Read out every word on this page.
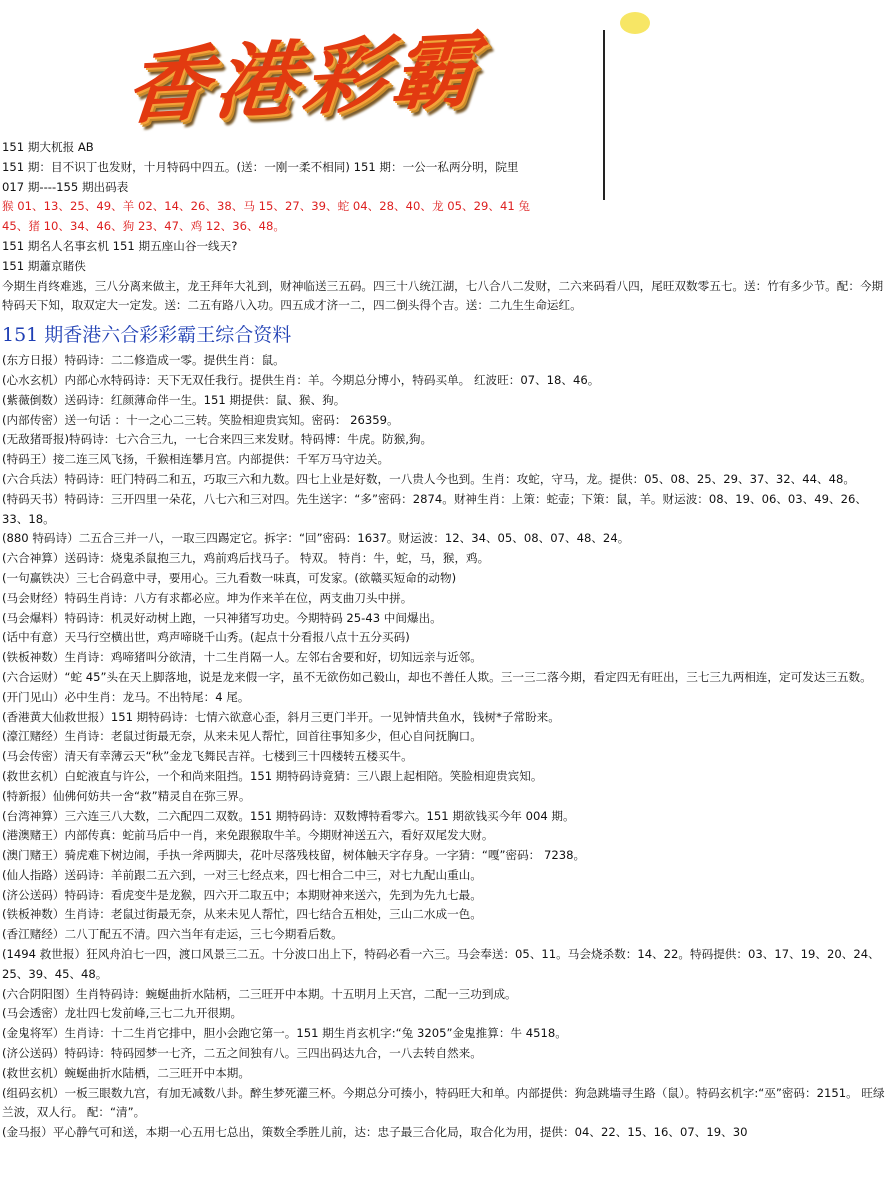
香港彩霸
151 期大杌报 AB
151 期：目不识丁也发财，十月特码中四五。(送：一刚一柔不相同) 151 期：一公一私两分明，院里
017 期----155 期出码表
猴 01、13、25、49、羊 02、14、26、38、马 15、27、39、蛇 04、28、40、龙 05、29、41 兔
45、猪 10、34、46、狗 23、47、鸡 12、36、48。
151 期名人名事玄机 151 期五座山谷一线天?
151 期蕭京賭佚
今期生肖终难逃，三八分离来做主，龙王拜年大礼到，财神临送三五码。四三十八统江湖，七八合八二发财，二六来码看八四，尾旺双数零五七。送：竹有多少节。配：今期特码天下知，取双定大一定发。送：二五有路八入功。四五成才济一二，四二倒头得个吉。送：二九生生命运红。
151 期香港六合彩彩霸王综合资料
(东方日报）特码诗：二二修造成一零。提供生肖：鼠。
(心水玄机）内部心水特码诗：天下无双任我行。提供生肖：羊。今期总分博小，特码买单。 红波旺：07、18、46。
(紫薇倒数）送码诗：红颜薄命伴一生。151 期提供：鼠、猴、狗。
(内部传密）送一句话 ：十一之心二三转。笑脸相迎贵宾知。密码： 26359。
(无敌猪哥报)特码诗：七六合三九，一七合来四三来发财。特码博：牛虎。防猴,狗。
(特码王）接二连三风飞扬，千猴相连攀月宫。内部提供：千军万马守边关。
(六合兵法）特码诗：旺门特码二和五，巧取三六和九数。四七上业是好数，一八贵人今也到。生肖：攻蛇，守马，龙。提供：05、08、25、29、37、32、44、48。
(特码天书）特码诗：三开四里一朵花，八七六和三对四。先生送字：“多”密码：2874。财神生肖：上策：蛇壶；下策：鼠，羊。财运波：08、19、06、03、49、26、33、18。
(880 特码诗）二五合三并一八，一取三四踢定它。拆字：“回”密码：1637。财运波：12、34、05、08、07、48、24。
(六合神算）送码诗：烧鬼杀鼠抱三九，鸡前鸡后找马子。 特双。 特肖：牛，蛇，马，猴，鸡。
(一句赢铁决）三七合码意中寻，要用心。三九看数一味真，可发家。(欲赣买短命的动物)
(马会财经）特码生肖诗：八方有求都必应。坤为作来羊在位，两支曲刀头中拼。
(马会爆料）特码诗：机灵好动树上跑，一只神猪写功史。今期特码 25-43 中间爆出。
(话中有意）天马行空横出世，鸡声啼晓千山秀。(起点十分看报八点十五分买码)
(铁板神数）生肖诗：鸡啼猪叫分欲清，十二生肖隔一人。左邻右舍要和好，切知远亲与近邻。
(六合运财）“蛇 45”头在天上脚落地，说是龙来假一字，虽不无欲伤如己毅山，却也不善任人欺。三一三二落今期，看定四无有旺出，三七三九两相连，定可发达三五数。
(开门见山）必中生肖：龙马。不出特尾：4 尾。
(香港黄大仙救世报）151 期特码诗：七情六欲意心歪，斜月三更门半开。一见钟情共鱼水，钱树*子常盼来。
(濠江赌经）生肖诗：老鼠过街最无奈，从来未见人帮忙，回首往事知多少，但心自问抚胸口。
(马会传密）清天有幸薄云天“秋”金龙飞舞民吉祥。七楼到三十四楼转五楼买牛。
(救世玄机）白蛇液直与许公，一个和尚来阻挡。151 期特码诗竟猜：三八跟上起相陪。笑脸相迎贵宾知。
(特新报）仙佛何妨共一舍“救”精灵自在弥三界。
(台湾神算）三六连三八大数，二六配四二双数。151 期特码诗：双数博特看零六。151 期欲钱买今年 004 期。
(港澳赌王）内部传真：蛇前马后中一肖，来免跟猴取牛羊。今期财神送五六，看好双尾发大财。
(澳门赌王）骑虎难下树边闹，手执一斧两脚夫，花叶尽落残枝留，树体触天字存身。一字猜：“嘎”密码： 7238。
(仙人指路）送码诗：羊前跟二五六到，一对三七经点来，四七相合二中三，对七九配山重山。
(济公送码）特码诗：看虎变牛是龙猴，四六开二取五中；本期财神来送六，先到为先九七最。
(铁板神数）生肖诗：老鼠过街最无奈，从来未见人帮忙，四七结合五相处，三山二水成一色。
(香江赌经）二八丁配五不清。四六当年有走运，三七今期看后数。
(1494 救世报）狂风舟泊七一四，渡口风景三二五。十分波口出上下，特码必看一六三。马会奉送：05、11。马会烧杀数：14、22。特码提供：03、17、19、20、24、25、39、45、48。
(六合阴阳图）生肖特码诗：蜿蜒曲折水陆柄，二三旺开中本期。十五明月上天宫，二配一三功到成。
(马会透密）龙壮四七发前峰,三七二九开很期。
(金鬼将军）生肖诗：十二生肖它排中，胆小会跑它第一。151 期生肖玄机字:“兔 3205”金鬼推算：牛 4518。
(济公送码）特码诗：特码园梦一七齐，二五之间独有八。三四出码达九合，一八去转自然来。
(救世玄机）蜿蜒曲折水陆栖，二三旺开中本期。
(组码玄机）一板三眼数九宫，有加无减数八卦。醉生梦死灌三杯。今期总分可揍小，特码旺大和单。内部提供：狗急跳墙寻生路（鼠）。特码玄机字:“巫”密码：2151。 旺绿兰波，双人行。 配：“清”。
(金马报）平心静气可和送，本期一心五用七总出，策数全季胜儿前，达：忠子最三合化局，取合化为用，提供：04、22、15、16、07、19、30
